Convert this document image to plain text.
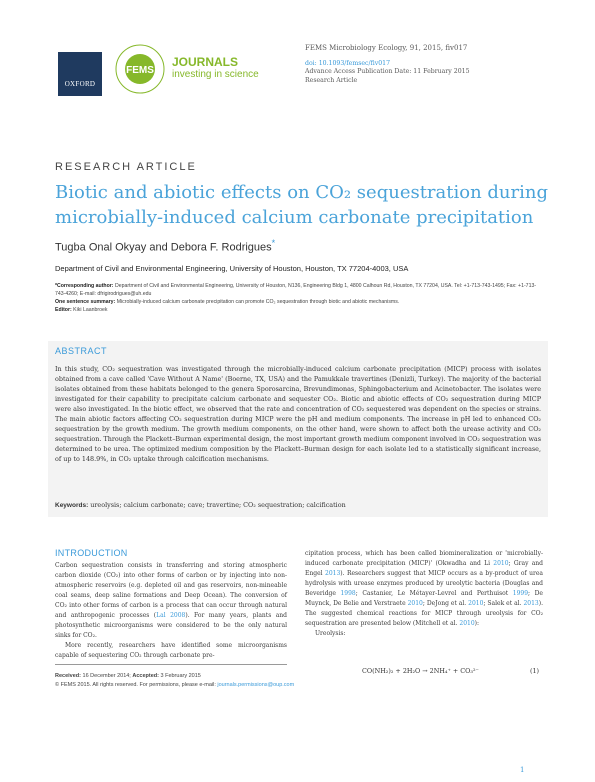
OXFORD
FEMS
JOURNALS
investing in science
FEMS Microbiology Ecology, 91, 2015, fiv017
doi: 10.1093/femsec/fiv017
Advance Access Publication Date: 11 February 2015
Research Article
RESEARCH ARTICLE
Biotic and abiotic effects on CO₂ sequestration during microbially-induced calcium carbonate precipitation
Tugba Onal Okyay and Debora F. Rodrigues*
Department of Civil and Environmental Engineering, University of Houston, Houston, TX 77204-4003, USA
*Corresponding author: Department of Civil and Environmental Engineering, University of Houston, N136, Engineering Bldg 1, 4800 Calhoun Rd, Houston, TX 77204, USA. Tel: +1-713-743-1495; Fax: +1-713-743-4260; E-mail: dfrigirodrigues@uh.edu
One sentence summary: Microbially-induced calcium carbonate precipitation can promote CO₂ sequestration through biotic and abiotic mechanisms.
Editor: Kiki Laanbroek
ABSTRACT
In this study, CO₂ sequestration was investigated through the microbially-induced calcium carbonate precipitation (MICP) process with isolates obtained from a cave called 'Cave Without A Name' (Boerne, TX, USA) and the Pamukkale travertines (Denizli, Turkey). The majority of the bacterial isolates obtained from these habitats belonged to the genera Sporosarcina, Brevundimonas, Sphingobacterium and Acinetobacter. The isolates were investigated for their capability to precipitate calcium carbonate and sequester CO₂. Biotic and abiotic effects of CO₂ sequestration during MICP were also investigated. In the biotic effect, we observed that the rate and concentration of CO₂ sequestered was dependent on the species or strains. The main abiotic factors affecting CO₂ sequestration during MICP were the pH and medium components. The increase in pH led to enhanced CO₂ sequestration by the growth medium. The growth medium components, on the other hand, were shown to affect both the urease activity and CO₂ sequestration. Through the Plackett–Burman experimental design, the most important growth medium component involved in CO₂ sequestration was determined to be urea. The optimized medium composition by the Plackett–Burman design for each isolate led to a statistically significant increase, of up to 148.9%, in CO₂ uptake through calcification mechanisms.
Keywords: ureolysis; calcium carbonate; cave; travertine; CO₂ sequestration; calcification
INTRODUCTION

Carbon sequestration consists in transferring and storing atmospheric carbon dioxide (CO₂) into other forms of carbon or by injecting into non-atmospheric reservoirs (e.g. depleted oil and gas reservoirs, non-mineable coal seams, deep saline formations and Deep Ocean). The conversion of CO₂ into other forms of carbon is a process that can occur through natural and anthropogenic processes (Lal 2008). For many years, plants and photosynthetic microorganisms were considered to be the only natural sinks for CO₂.

More recently, researchers have identified some microorganisms capable of sequestering CO₂ through carbonate pre-

cipitation process, which has been called biomineralization or 'microbially-induced carbonate precipitation (MICP)' (Okwadha and Li 2010; Gray and Engel 2013). Researchers suggest that MICP occurs as a by-product of urea hydrolysis with urease enzymes produced by ureolytic bacteria (Douglas and Beveridge 1998; Castanier, Le Métayer-Levrel and Perthuisot 1999; De Muynck, De Belie and Verstraete 2010; DeJong et al. 2010; Salek et al. 2013). The suggested chemical reactions for MICP through ureolysis for CO₂ sequestration are presented below (Mitchell et al. 2010):

Ureolysis:

CO(NH₂)₂ + 2H₂O → 2NH₄⁺ + CO₃²⁻	(1)
Received: 16 December 2014; Accepted: 3 February 2015
© FEMS 2015. All rights reserved. For permissions, please e-mail: journals.permissions@oup.com
1
